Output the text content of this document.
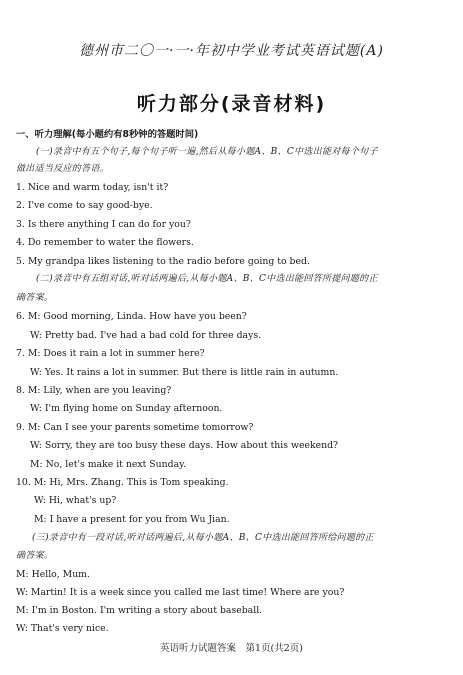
德州市二〇一·一·年初中学业考试英语试题(A)
听力部分(录音材料)
一、听力理解(每小题约有8秒钟的答题时间)
(一)录音中有五个句子,每个句子听一遍,然后从每小题A、B、C中选出能对每个句子
做出适当反应的答语。
1. Nice and warm today, isn't it?
2. I've come to say good-bye.
3. Is there anything I can do for you?
4. Do remember to water the flowers.
5. My grandpa likes listening to the radio before going to bed.
(二)录音中有五组对话,听对话两遍后,从每小题A、B、C中选出能回答所提问题的正
确答案。
6. M: Good morning, Linda. How have you been?
W: Pretty bad. I've had a bad cold for three days.
7. M: Does it rain a lot in summer here?
W: Yes. It rains a lot in summer. But there is little rain in autumn.
8. M: Lily, when are you leaving?
W: I'm flying home on Sunday afternoon.
9. M: Can I see your parents sometime tomorrow?
W: Sorry, they are too busy these days. How about this weekend?
M: No, let's make it next Sunday.
10. M: Hi, Mrs. Zhang. This is Tom speaking.
W: Hi, what's up?
M: I have a present for you from Wu Jian.
(三)录音中有一段对话,听对话两遍后,从每小题A、B、C中选出能回答所给问题的正
确答案。
M: Hello, Mum.
W: Martin! It is a week since you called me last time! Where are you?
M: I'm in Boston. I'm writing a story about baseball.
W: That's very nice.
英语听力试题答案　第1页(共2页)
